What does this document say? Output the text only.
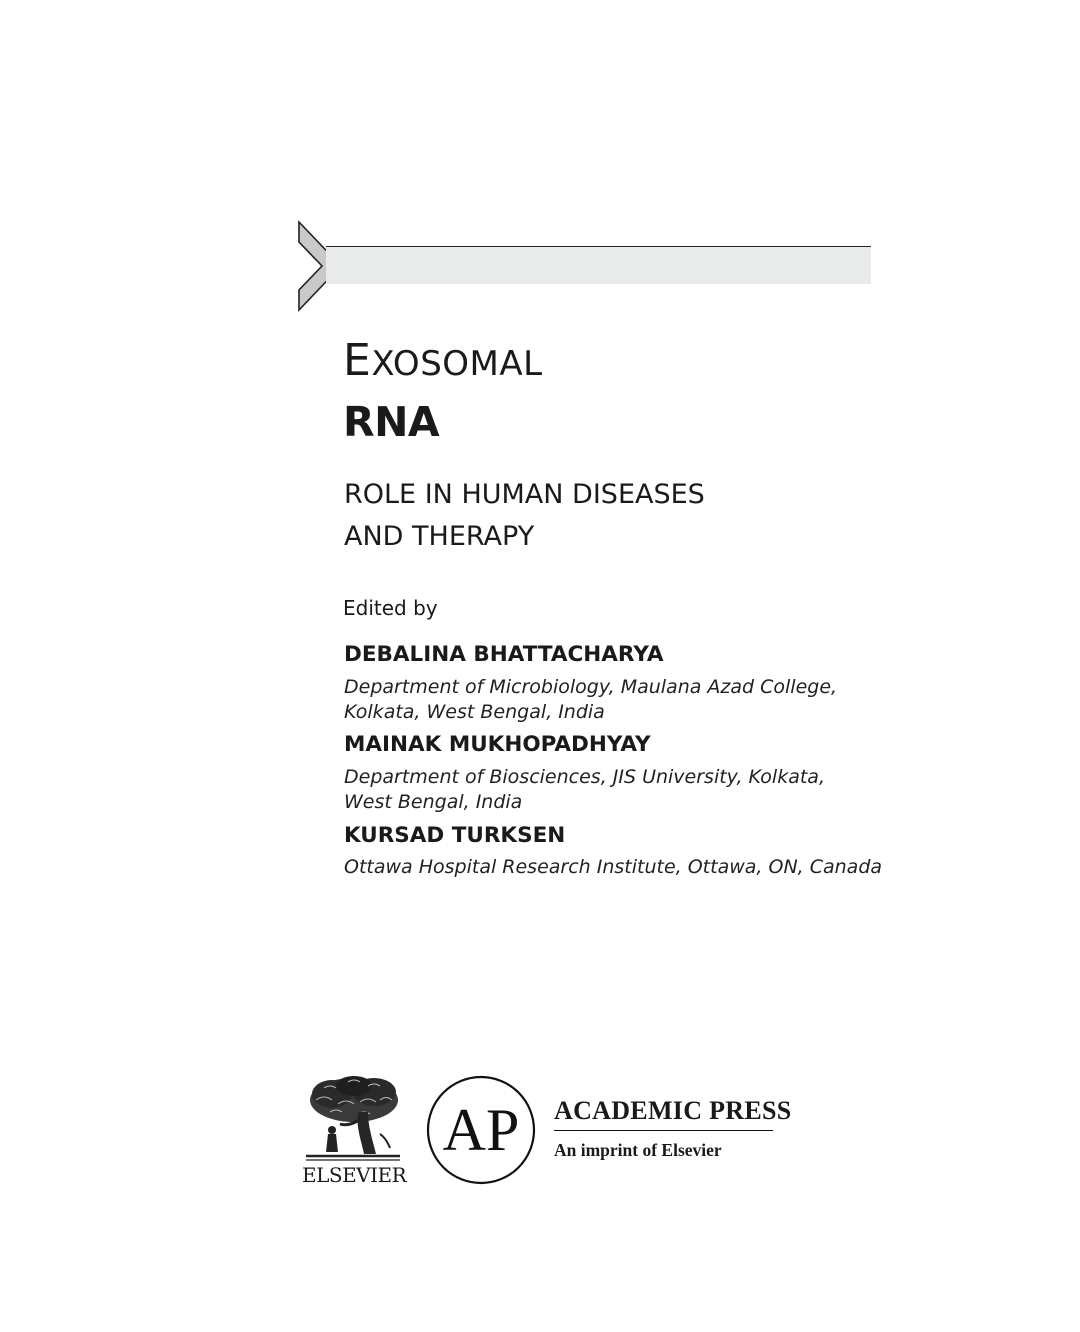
EXOSOMAL
RNA
ROLE IN HUMAN DISEASES
AND THERAPY
Edited by
DEBALINA BHATTACHARYA
Department of Microbiology, Maulana Azad College,
Kolkata, West Bengal, India
MAINAK MUKHOPADHYAY
Department of Biosciences, JIS University, Kolkata,
West Bengal, India
KURSAD TURKSEN
Ottawa Hospital Research Institute, Ottawa, ON, Canada
ELSEVIER
AP ACADEMIC PRESS
An imprint of Elsevier
